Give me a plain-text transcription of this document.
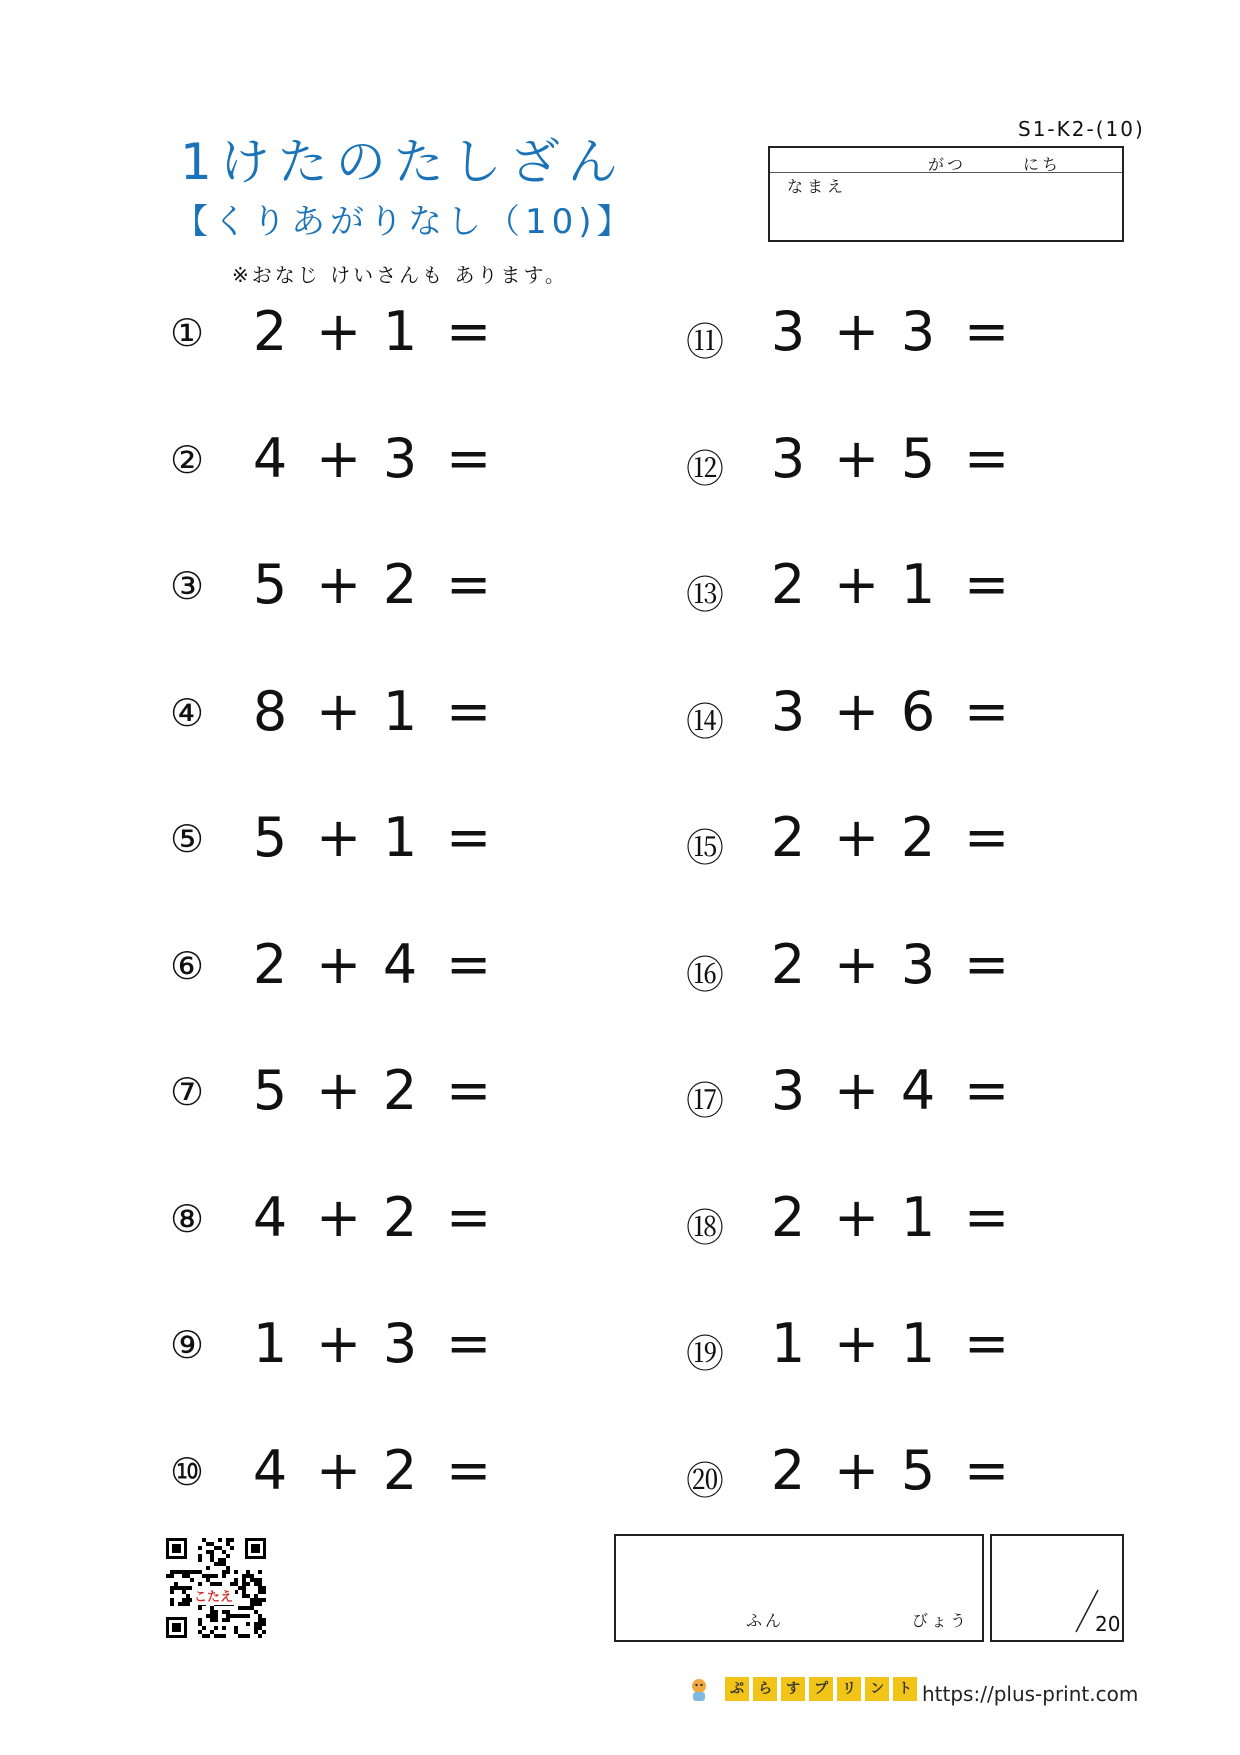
1けたのたしざん
【くりあがりなし（10)】
※おなじ けいさんも あります。
S1-K2-(10)
がつ	にち
なまえ
① 2 + 1 =
② 4 + 3 =
③ 5 + 2 =
④ 8 + 1 =
⑤ 5 + 1 =
⑥ 2 + 4 =
⑦ 5 + 2 =
⑧ 4 + 2 =
⑨ 1 + 3 =
⑩ 4 + 2 =
⑪ 3 + 3 =
⑫ 3 + 5 =
⑬ 2 + 1 =
⑭ 3 + 6 =
⑮ 2 + 2 =
⑯ 2 + 3 =
⑰ 3 + 4 =
⑱ 2 + 1 =
⑲ 1 + 1 =
⑳ 2 + 5 =
こたえ
ふん	びょう	20
ぷ ら す プ リ ン ト https://plus-print.com
